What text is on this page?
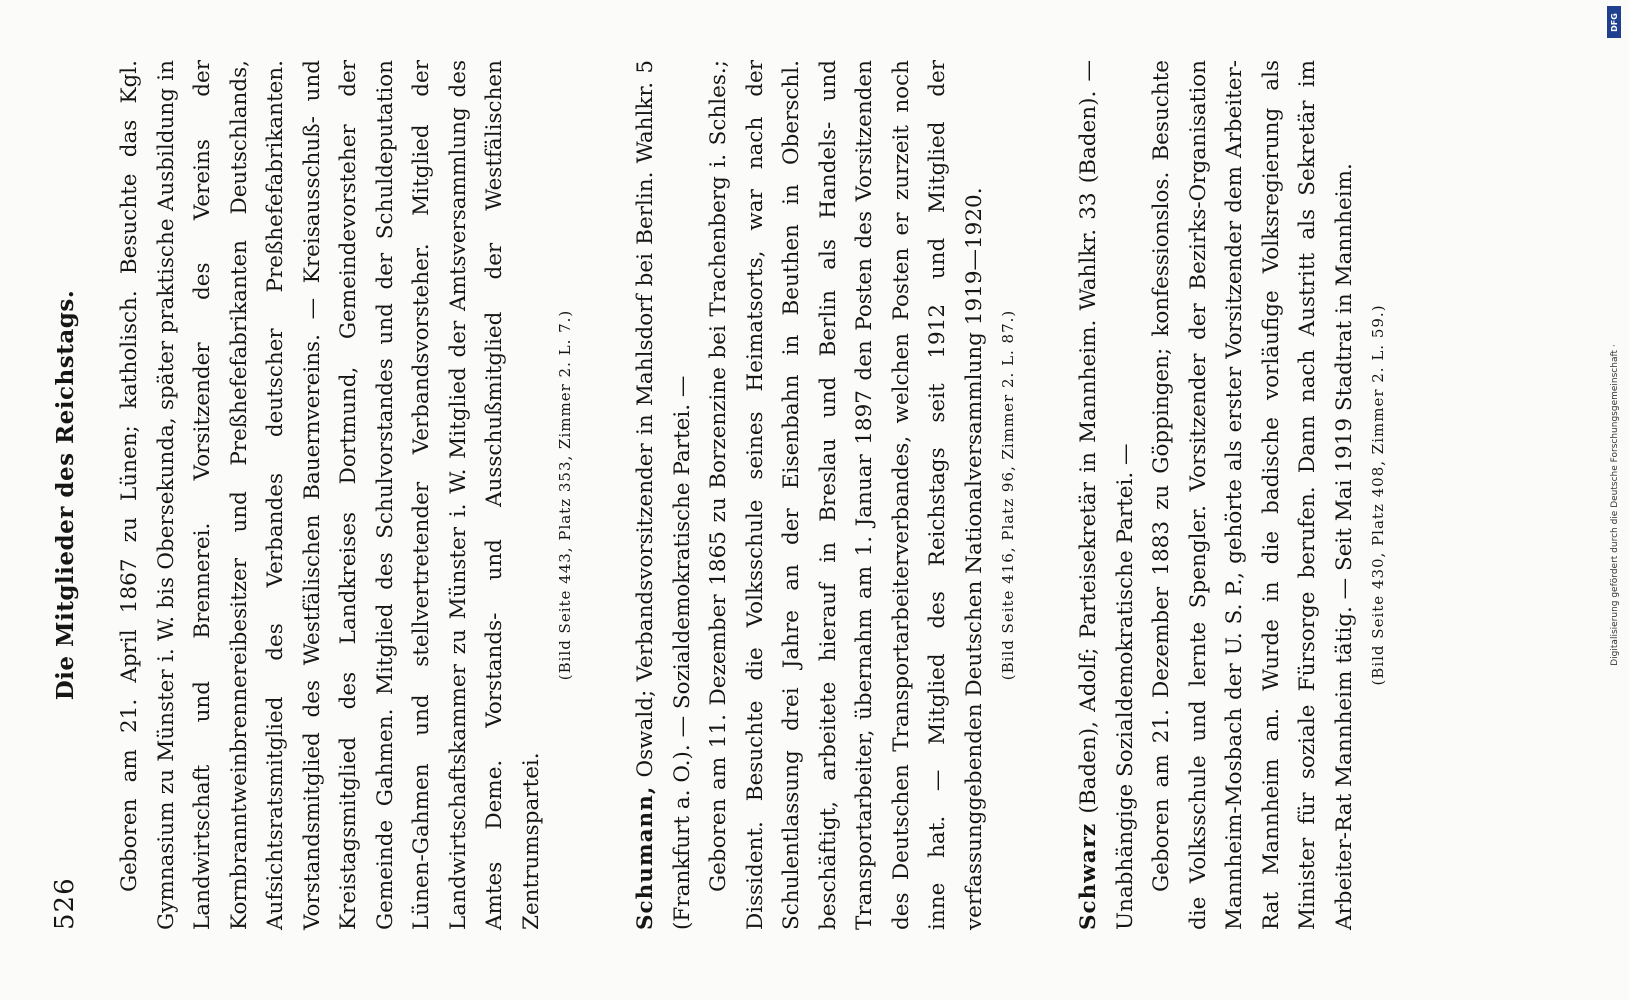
526
Die Mitglieder des Reichstags. Geboren am 21. April 1867 zu Lünen; katholisch. Besuchte das Kgl. Gymnasium zu Münster i. W. bis Obersekunda, später praktische Ausbildung in Landwirtschaft und Brennerei. Vorsitzender des Vereins der Kornbranntweinbrennereibesitzer und Preßhefefabrikanten Deutschlands, Aufsichtsratsmitglied des Verbandes deutscher Preßhefefabrikanten. Vorstandsmitglied des Westfälischen Bauernvereins. — Kreisausschuß- und Kreistagsmitglied des Landkreises Dortmund, Gemeindevorsteher der Gemeinde Gahmen. Mitglied des Schulvorstandes und der Schuldeputation Lünen-Gahmen und stellvertretender Verbandsvorsteher. Mitglied der Landwirtschaftskammer zu Münster i. W. Mitglied der Amtsversammlung des Amtes Deme. Vorstands- und Ausschußmitglied der Westfälischen Zentrumspartei.

(Bild Seite 443, Platz 353, Zimmer 2. L. 7.)

Schumann, Oswald; Verbandsvorsitzender in Mahlsdorf bei Berlin. Wahlkr. 5 (Frankfurt a. O.). — Sozialdemokratische Partei. — Geboren am 11. Dezember 1865 zu Borzenzine bei Trachenberg i. Schles.; Dissident. Besuchte die Volksschule seines Heimatsorts, war nach der Schulentlassung drei Jahre an der Eisenbahn in Beuthen in Oberschl. beschäftigt, arbeitete hierauf in Breslau und Berlin als Handels- und Transportarbeiter, übernahm am 1. Januar 1897 den Posten des Vorsitzenden des Deutschen Transportarbeiterverbandes, welchen Posten er zurzeit noch inne hat. — Mitglied des Reichstags seit 1912 und Mitglied der verfassunggebenden Deutschen Nationalversammlung 1919—1920. (Bild Seite 416, Platz 96, Zimmer 2. L. 87.)

Schwarz (Baden), Adolf; Parteisekretär in Mannheim. Wahlkr. 33 (Baden). — Unabhängige Sozialdemokratische Partei. — Geboren am 21. Dezember 1883 zu Göppingen; konfessionslos. Besuchte die Volksschule und lernte Spengler. Vorsitzender der Bezirks-Organisation Mannheim-Mosbach der U. S. P., gehörte als erster Vorsitzender dem Arbeiter-Rat Mannheim an. Wurde in die badische vorläufige Volksregierung als Minister für soziale Fürsorge berufen. Dann nach Austritt als Sekretär im Arbeiter-Rat Mannheim tätig. — Seit Mai 1919 Stadtrat in Mannheim. (Bild Seite 430, Platz 408, Zimmer 2. L. 59.)

DFG
Digitalisierung gefördert durch die Deutsche Forschungsgemeinschaft ·
